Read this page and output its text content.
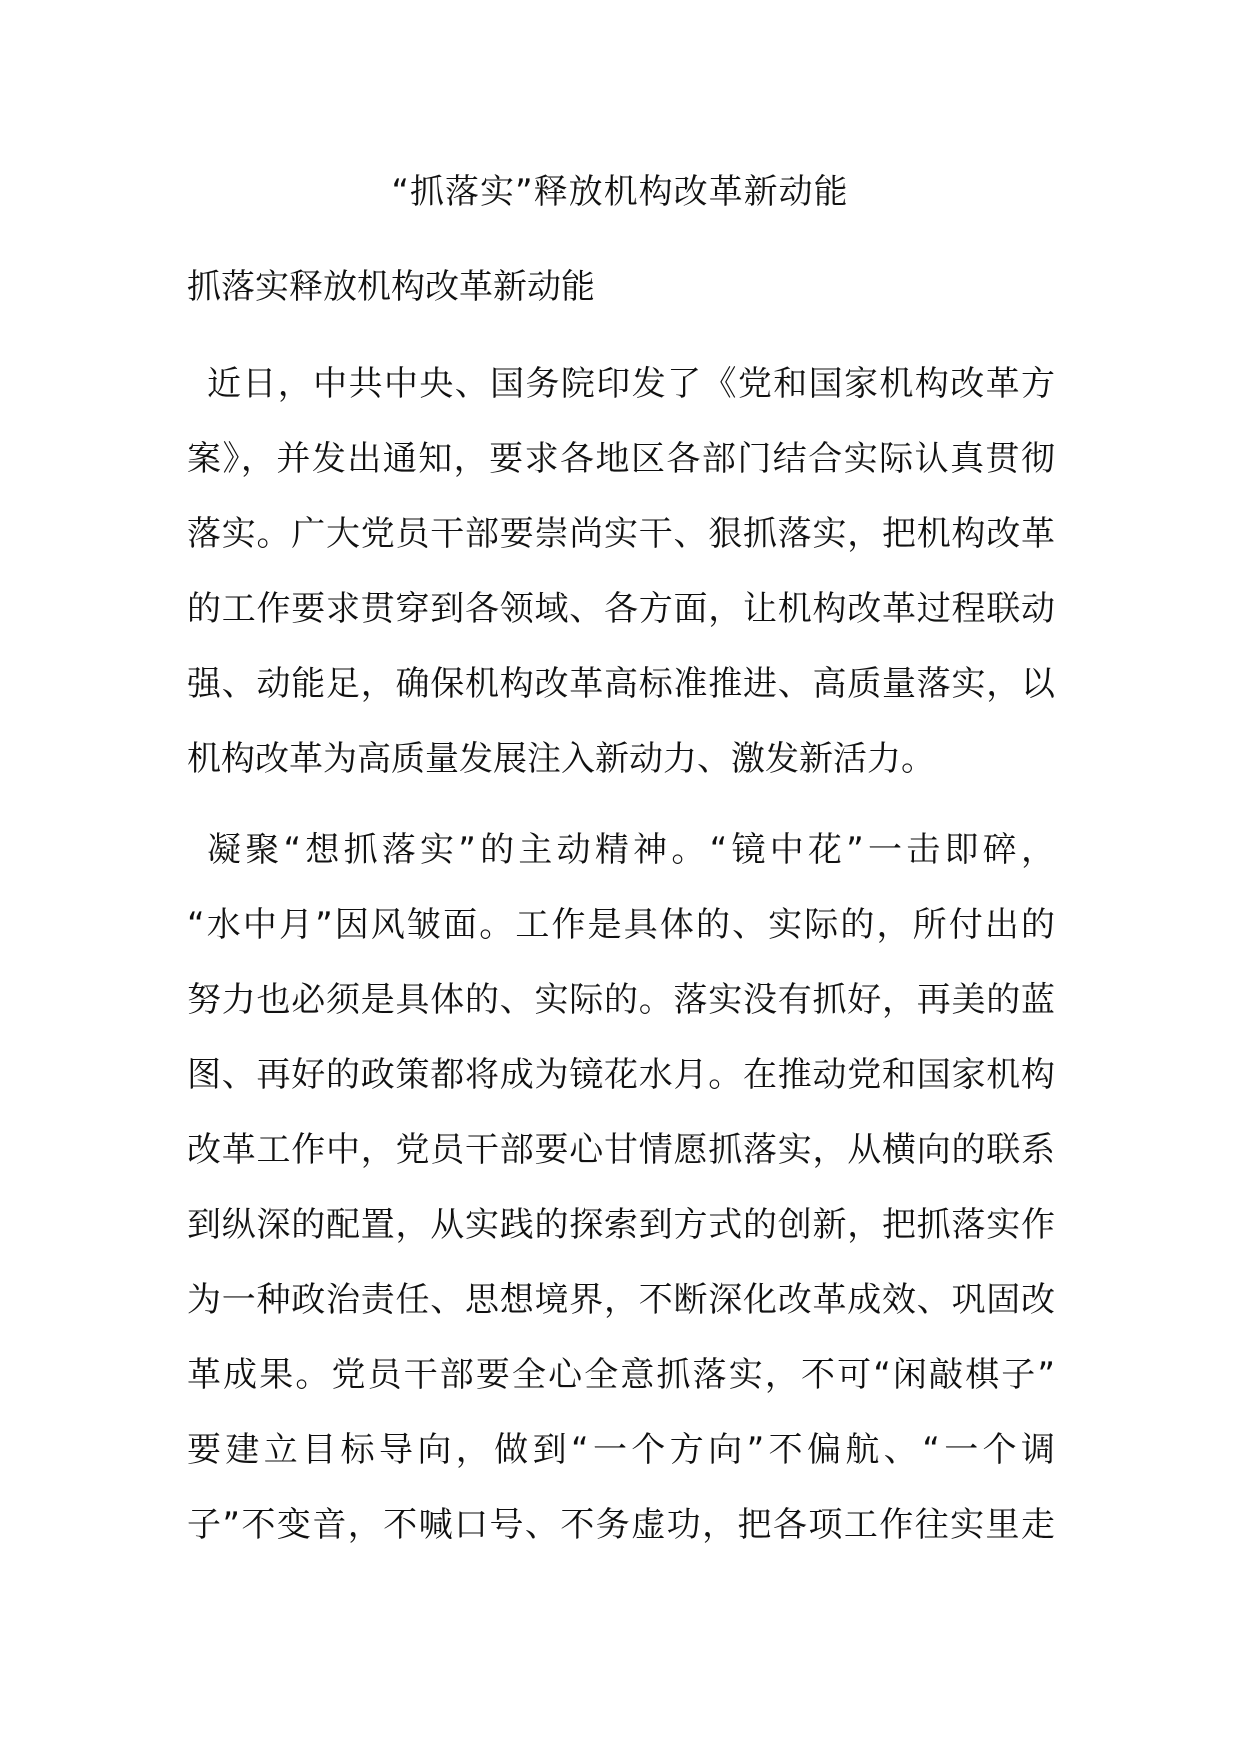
“抓落实”释放机构改革新动能
抓落实释放机构改革新动能
近日，中共中央、国务院印发了《党和国家机构改革方
案》，并发出通知，要求各地区各部门结合实际认真贯彻
落实。广大党员干部要崇尚实干、狠抓落实，把机构改革
的工作要求贯穿到各领域、各方面，让机构改革过程联动
强、动能足，确保机构改革高标准推进、高质量落实，以
机构改革为高质量发展注入新动力、激发新活力。
凝聚“想抓落实”的主动精神。“镜中花”一击即碎，
“水中月”因风皱面。工作是具体的、实际的，所付出的
努力也必须是具体的、实际的。落实没有抓好，再美的蓝
图、再好的政策都将成为镜花水月。在推动党和国家机构
改革工作中，党员干部要心甘情愿抓落实，从横向的联系
到纵深的配置，从实践的探索到方式的创新，把抓落实作
为一种政治责任、思想境界，不断深化改革成效、巩固改
革成果。党员干部要全心全意抓落实，不可“闲敲棋子”
要建立目标导向，做到“一个方向”不偏航、“一个调
子”不变音，不喊口号、不务虚功，把各项工作往实里走
